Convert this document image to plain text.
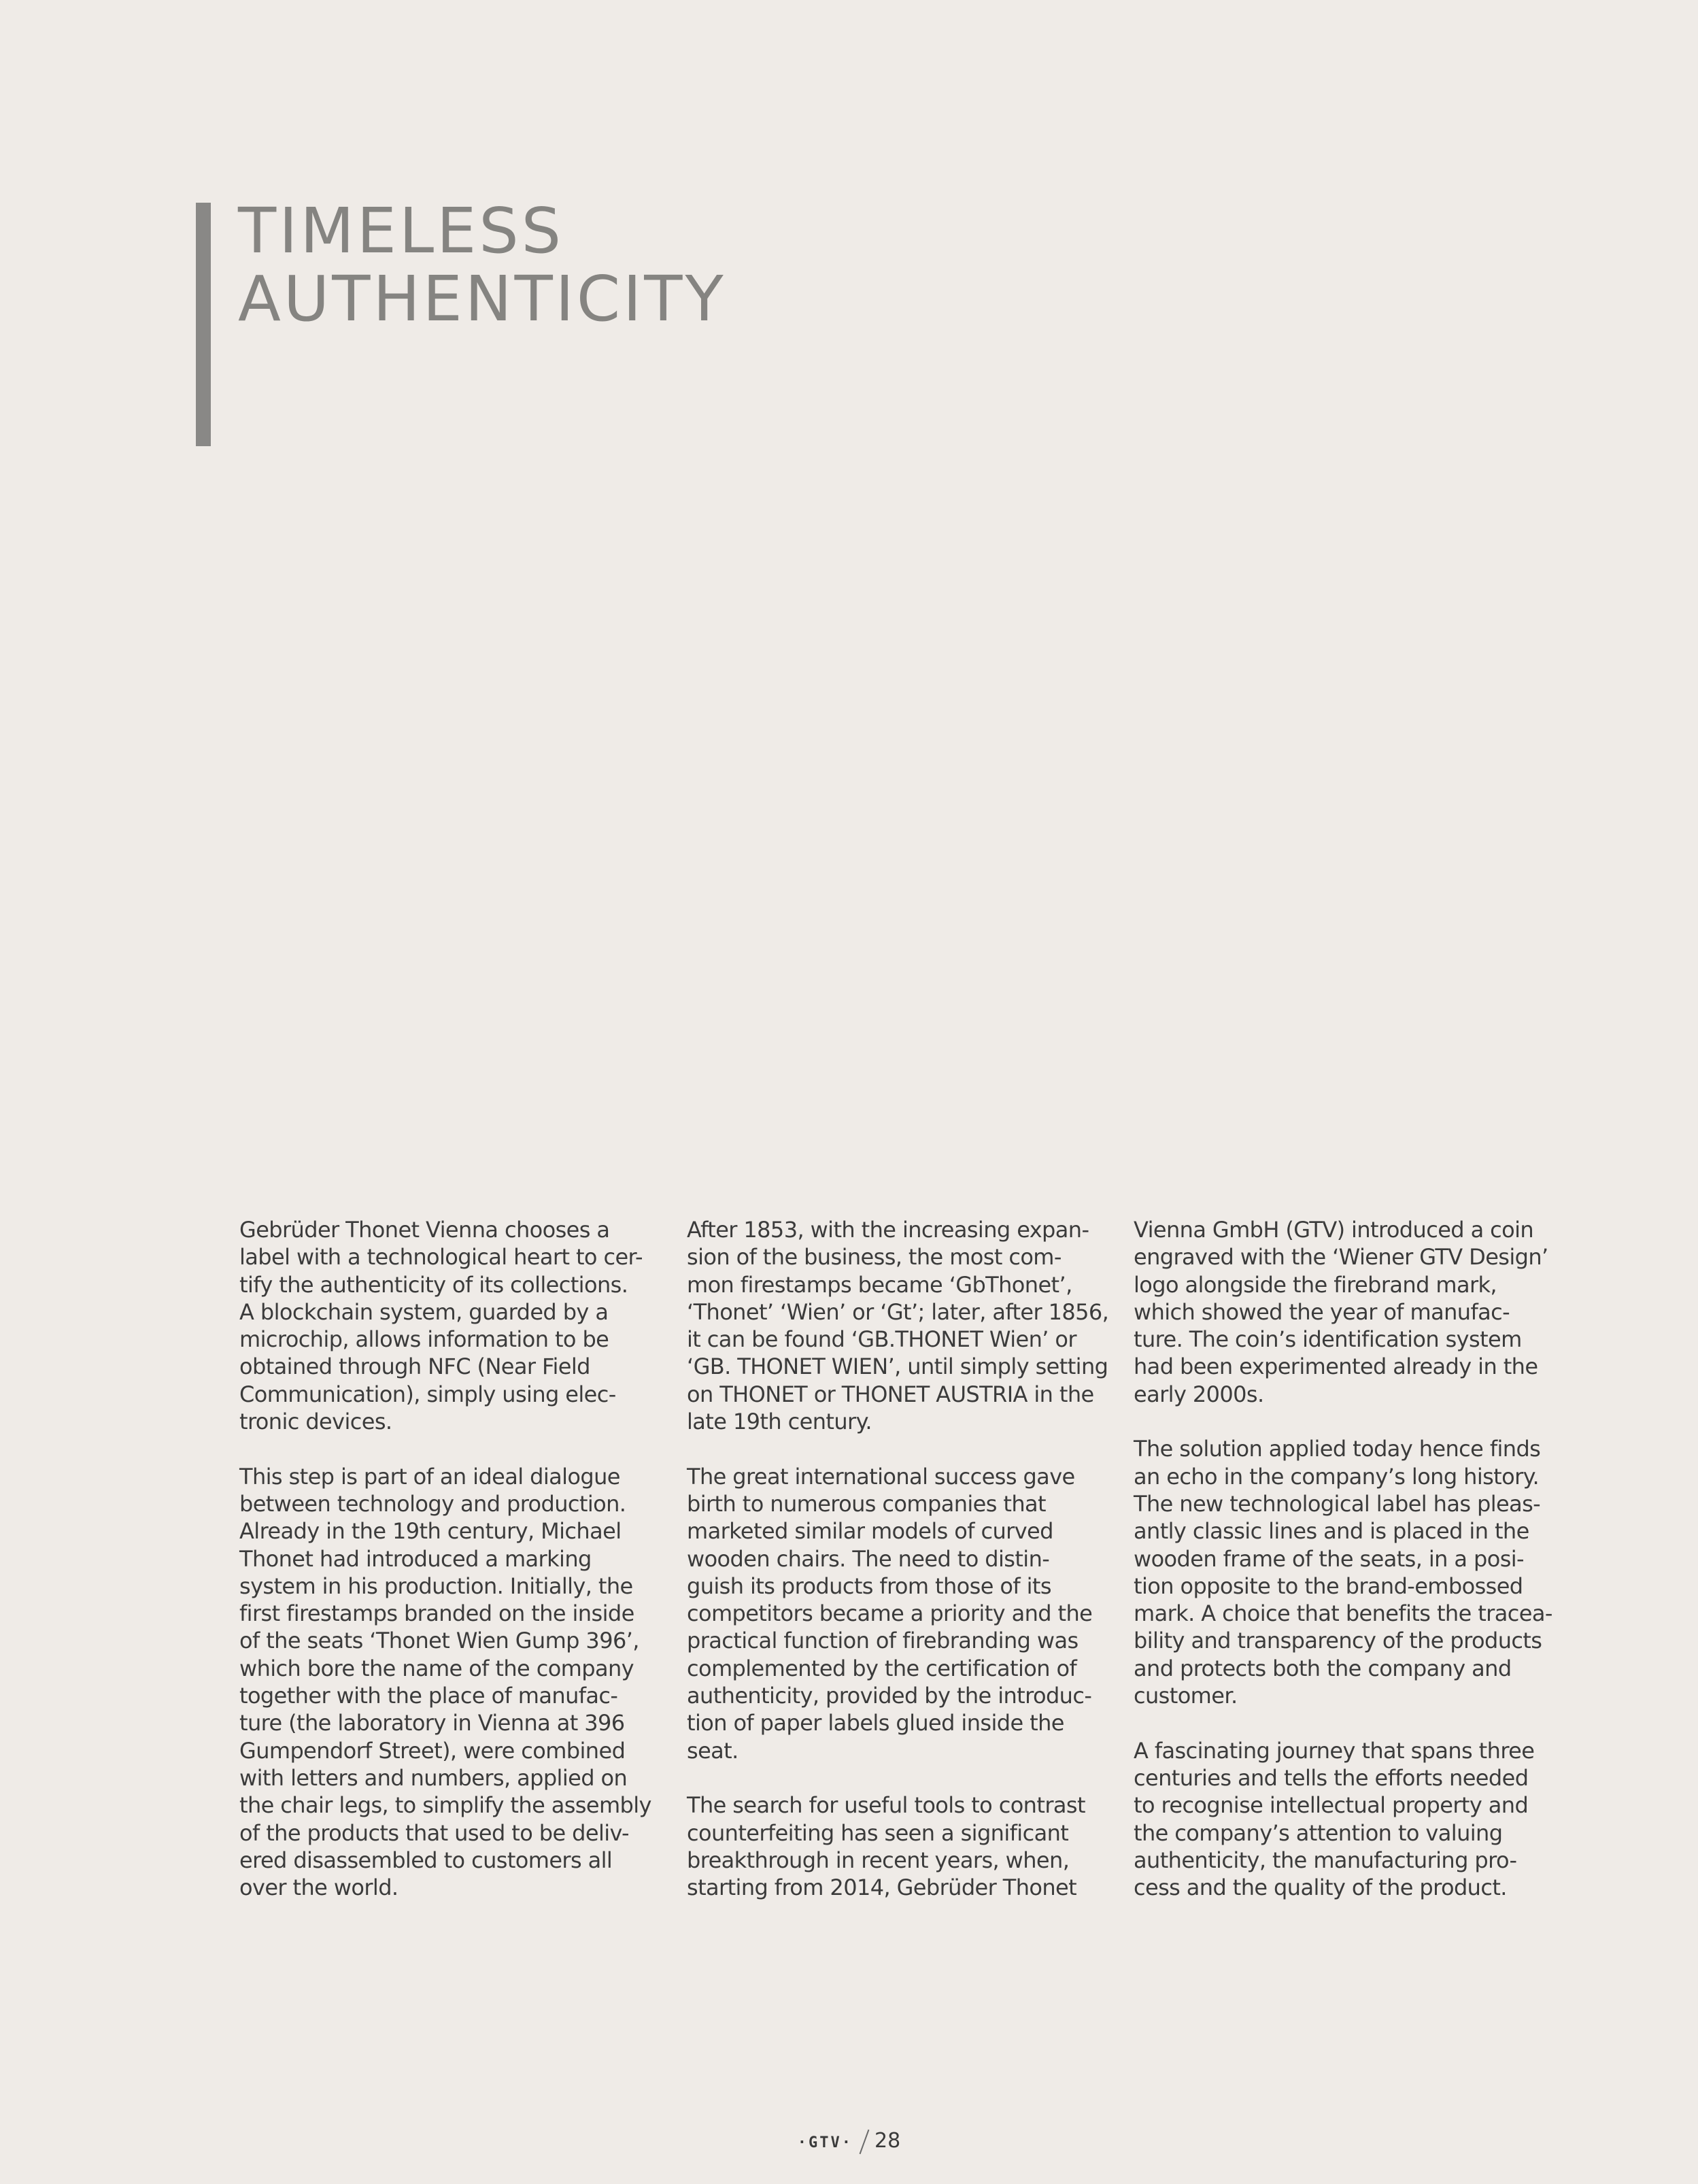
TIMELESS
AUTHENTICITY
Gebrüder Thonet Vienna chooses a
label with a technological heart to cer-
tify the authenticity of its collections.
A blockchain system, guarded by a
microchip, allows information to be
obtained through NFC (Near Field
Communication), simply using elec-
tronic devices.
This step is part of an ideal dialogue
between technology and production.
Already in the 19th century, Michael
Thonet had introduced a marking
system in his production. Initially, the
first firestamps branded on the inside
of the seats ‘Thonet Wien Gump 396’,
which bore the name of the company
together with the place of manufac-
ture (the laboratory in Vienna at 396
Gumpendorf Street), were combined
with letters and numbers, applied on
the chair legs, to simplify the assembly
of the products that used to be deliv-
ered disassembled to customers all
over the world.
After 1853, with the increasing expan-
sion of the business, the most com-
mon firestamps became ‘GbThonet’,
‘Thonet’ ‘Wien’ or ‘Gt’; later, after 1856,
it can be found ‘GB.THONET Wien’ or
‘GB. THONET WIEN’, until simply setting
on THONET or THONET AUSTRIA in the
late 19th century.
The great international success gave
birth to numerous companies that
marketed similar models of curved
wooden chairs. The need to distin-
guish its products from those of its
competitors became a priority and the
practical function of firebranding was
complemented by the certification of
authenticity, provided by the introduc-
tion of paper labels glued inside the
seat.
The search for useful tools to contrast
counterfeiting has seen a significant
breakthrough in recent years, when,
starting from 2014, Gebrüder Thonet
Vienna GmbH (GTV) introduced a coin
engraved with the ‘Wiener GTV Design’
logo alongside the firebrand mark,
which showed the year of manufac-
ture. The coin’s identification system
had been experimented already in the
early 2000s.
The solution applied today hence finds
an echo in the company’s long history.
The new technological label has pleas-
antly classic lines and is placed in the
wooden frame of the seats, in a posi-
tion opposite to the brand-embossed
mark. A choice that benefits the tracea-
bility and transparency of the products
and protects both the company and
customer.
A fascinating journey that spans three
centuries and tells the efforts needed
to recognise intellectual property and
the company’s attention to valuing
authenticity, the manufacturing pro-
cess and the quality of the product.
·GTV· 28
